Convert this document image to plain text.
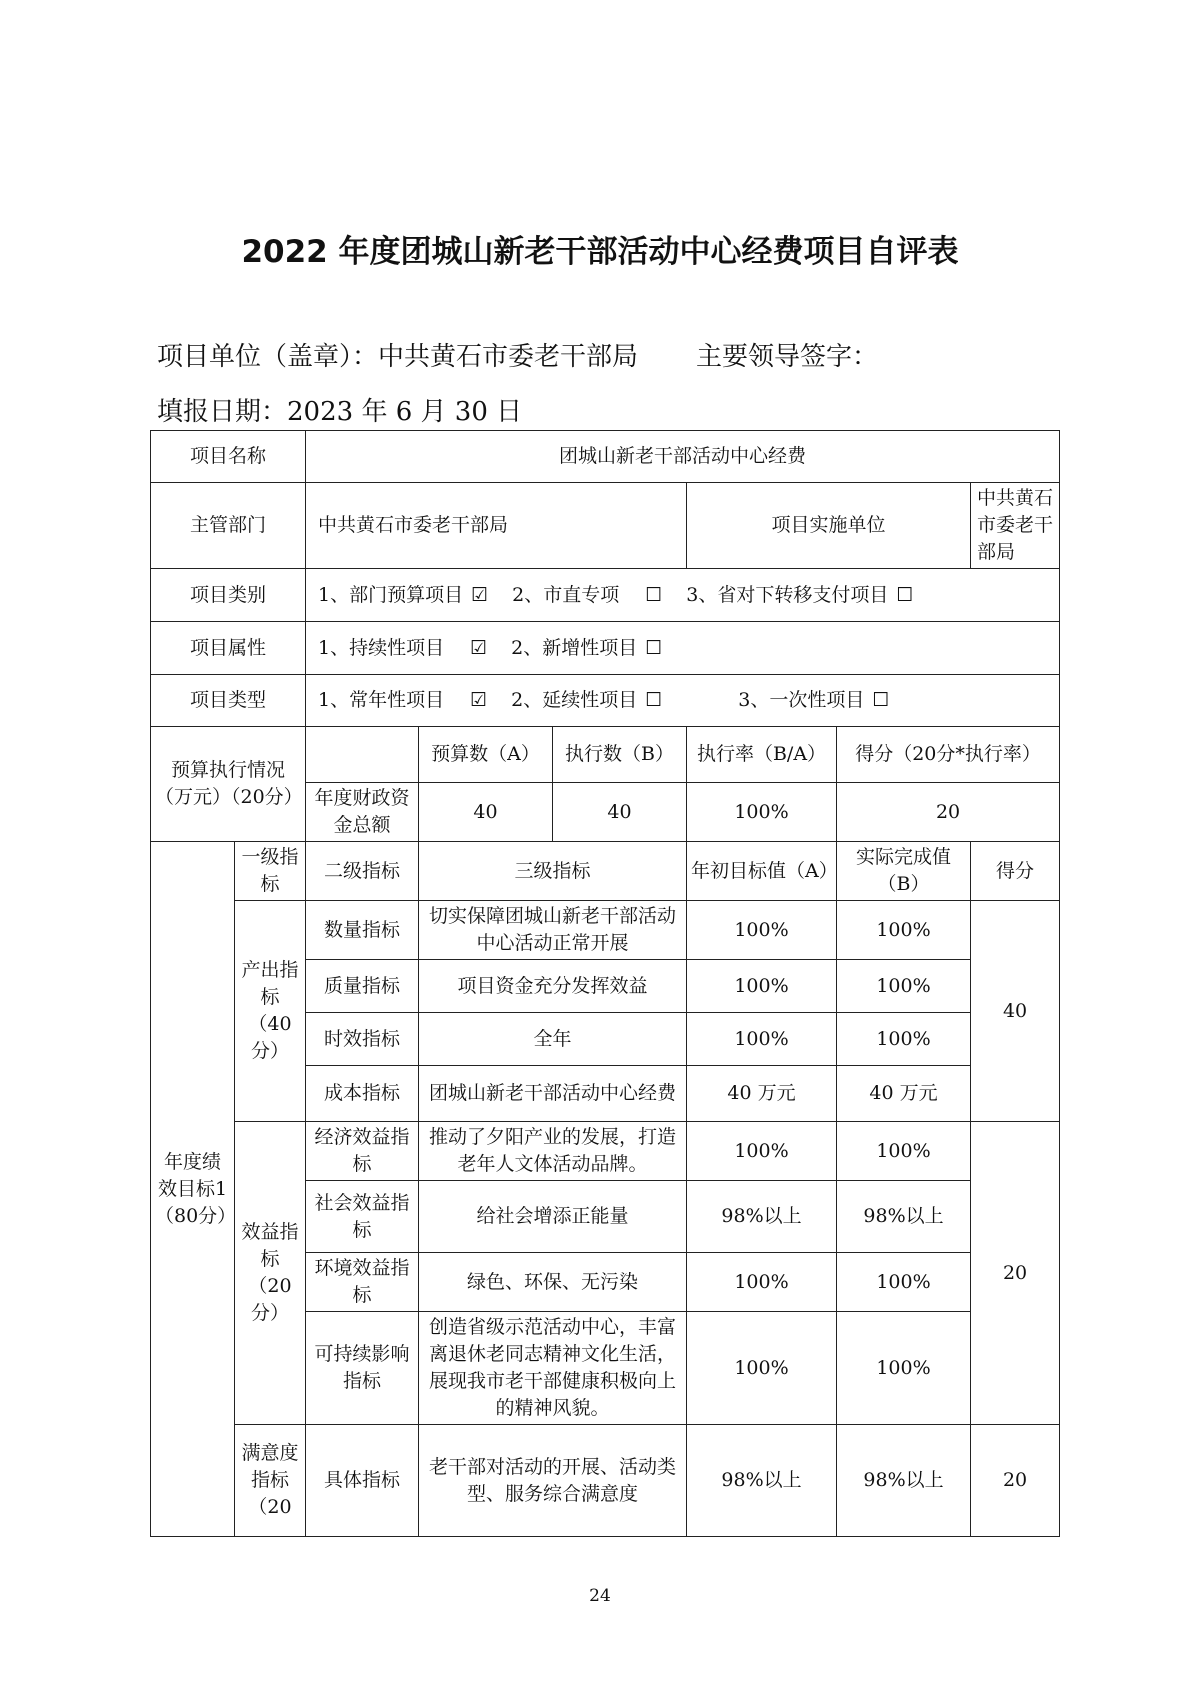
2022 年度团城山新老干部活动中心经费项目自评表
项目单位（盖章）：中共黄石市委老干部局 主要领导签字：
填报日期：2023 年 6 月 30 日
项目名称		团城山新老干部活动中心经费					
主管部门		中共黄石市委老干部局			项目实施单位		中共黄石市委老干部局
项目类别		1、部门预算项目 ☑ 2、市直专项 ☐ 3、省对下转移支付项目 ☐					
项目属性		1、持续性项目 ☑ 2、新增性项目 ☐					
项目类型		1、常年性项目 ☑ 2、延续性项目 ☐ 3、一次性项目 ☐					
预算执行情况（万元）（20分）			预算数（A）	执行数（B）	执行率（B/A）	得分（20分*执行率）	
		年度财政资金总额	40	40	100%	20	
年度绩效目标1（80分）	一级指标	二级指标	三级指标		年初目标值（A）	实际完成值（B）	得分
	产出指标（40分）	数量指标	切实保障团城山新老干部活动中心活动正常开展		100%	100%	40
		质量指标	项目资金充分发挥效益		100%	100%	
		时效指标	全年		100%	100%	
		成本指标	团城山新老干部活动中心经费		40 万元	40 万元	
	效益指标（20分）	经济效益指标	推动了夕阳产业的发展，打造老年人文体活动品牌。		100%	100%	20
		社会效益指标	给社会增添正能量		98%以上	98%以上	
		环境效益指标	绿色、环保、无污染		100%	100%	
		可持续影响指标	创造省级示范活动中心，丰富离退休老同志精神文化生活，展现我市老干部健康积极向上的精神风貌。		100%	100%	
	满意度指标（20	具体指标	老干部对活动的开展、活动类型、服务综合满意度		98%以上	98%以上	20
24
